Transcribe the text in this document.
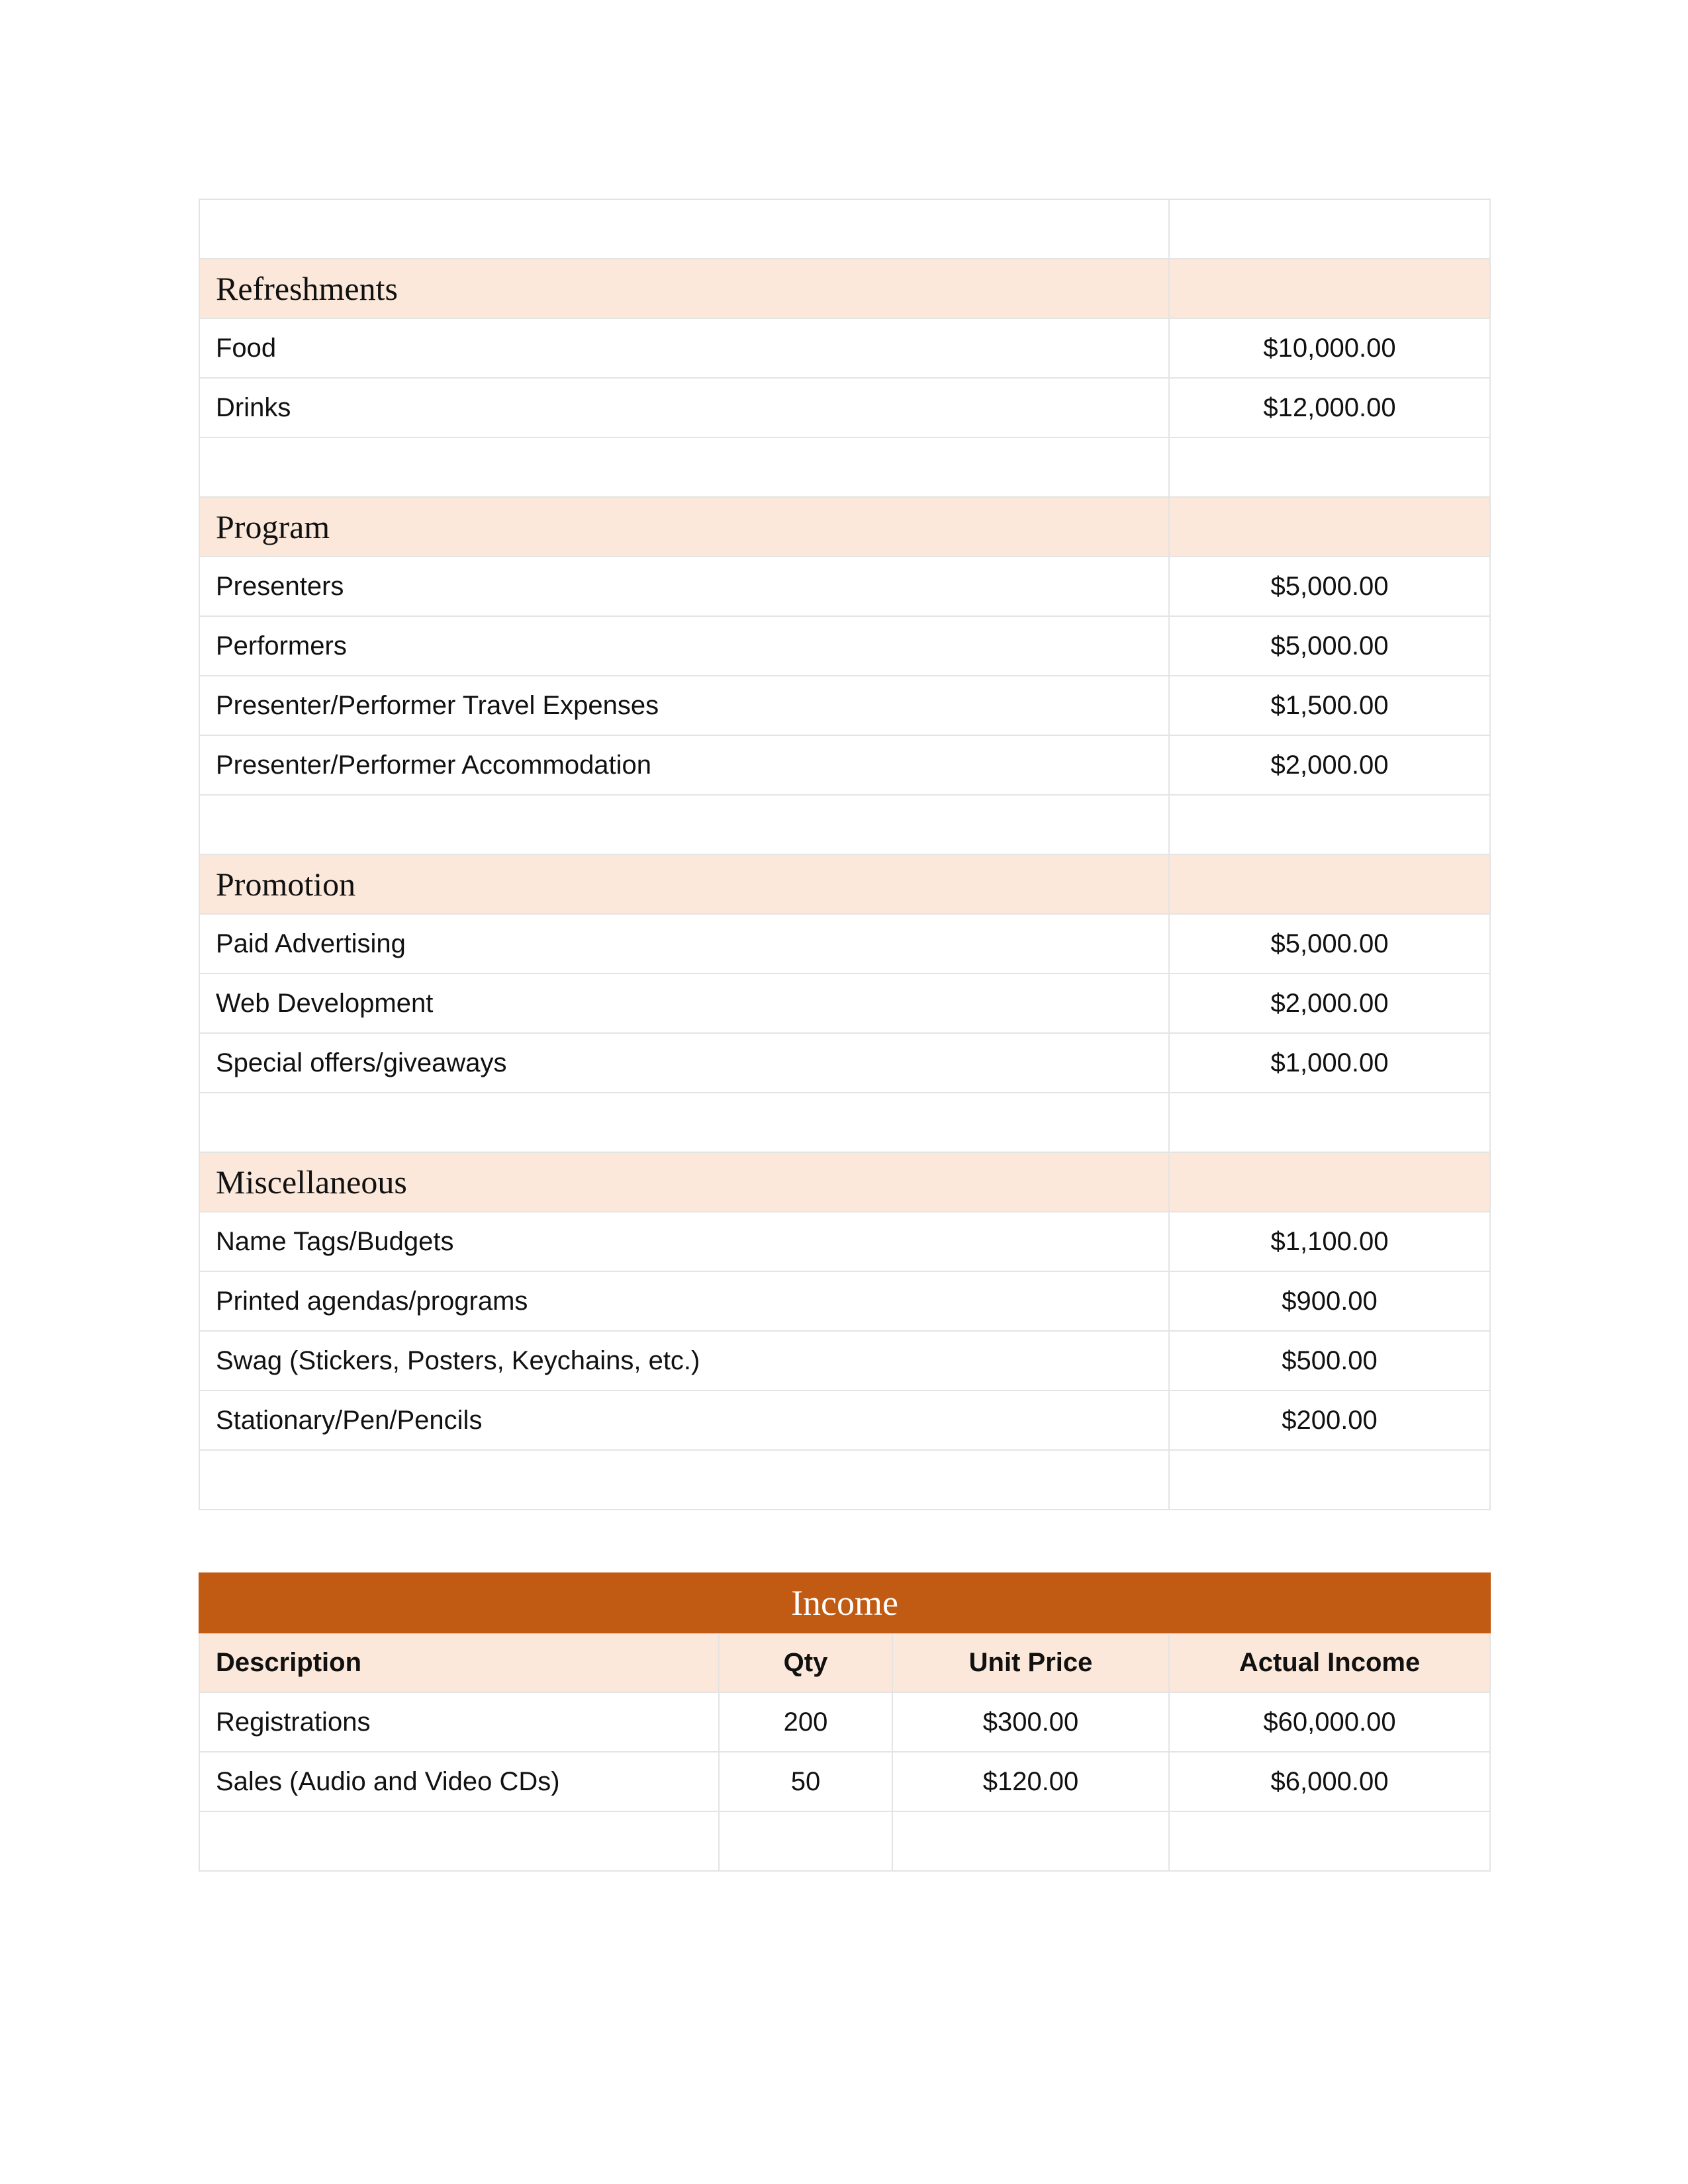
Refreshments	
Food	$10,000.00
Drinks	$12,000.00

Program	
Presenters	$5,000.00
Performers	$5,000.00
Presenter/Performer Travel Expenses	$1,500.00
Presenter/Performer Accommodation	$2,000.00

Promotion	
Paid Advertising	$5,000.00
Web Development	$2,000.00
Special offers/giveaways	$1,000.00

Miscellaneous	
Name Tags/Budgets	$1,100.00
Printed agendas/programs	$900.00
Swag (Stickers, Posters, Keychains, etc.)	$500.00
Stationary/Pen/Pencils	$200.00

Income			
Description	Qty	Unit Price	Actual Income
Registrations	200	$300.00	$60,000.00
Sales (Audio and Video CDs)	50	$120.00	$6,000.00
